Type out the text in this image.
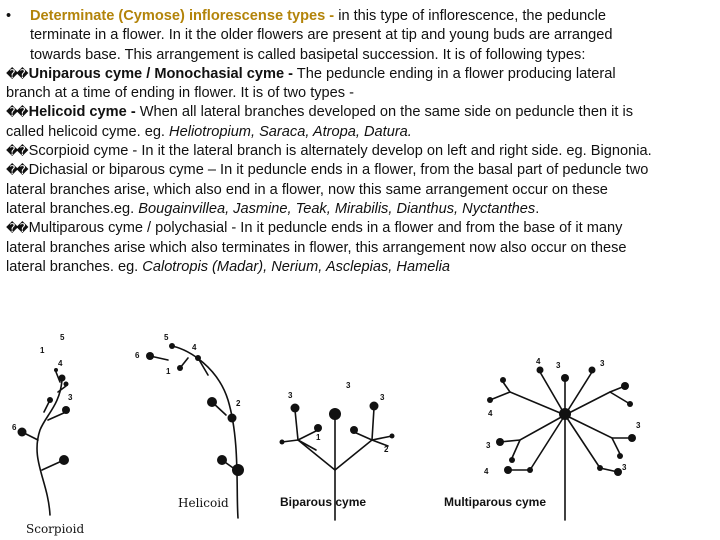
• Determinate (Cymose) inflorescense types - in this type of inflorescence, the peduncle
terminate in a flower. In it the older flowers are present at tip and young buds are arranged
towards base. This arrangement is called basipetal succession. It is of following types:
�� Uniparous cyme / Monochasial cyme - The peduncle ending in a flower producing lateral
branch at a time of ending in flower. It is of two types -
�� Helicoid cyme - When all lateral branches developed on the same side on peduncle then it is
called helicoid cyme. eg. Heliotropium, Saraca, Atropa, Datura.
�� Scorpioid cyme - In it the lateral branch is alternately develop on left and right side. eg. Bignonia.
�� Dichasial or biparous cyme – In it peduncle ends in a flower, from the basal part of peduncle two
lateral branches arise, which also end in a flower, now this same arrangement occur on these
lateral branches.eg. Bougainvillea, Jasmine, Teak, Mirabilis, Dianthus, Nyctanthes.
�� Multiparous cyme / polychasial - In it peduncle ends in a flower and from the base of it many
lateral branches arise which also terminates in flower, this arrangement now also occur on these
lateral branches. eg. Calotropis (Madar), Nerium, Asclepias, Hamelia
4
5
1
6
3
4
5
1
6
2
3
3	3
1
2
4 3	3
4
3
3
3
4
Scorpioid
Helicoid	Biparous cyme	Multiparous cyme
